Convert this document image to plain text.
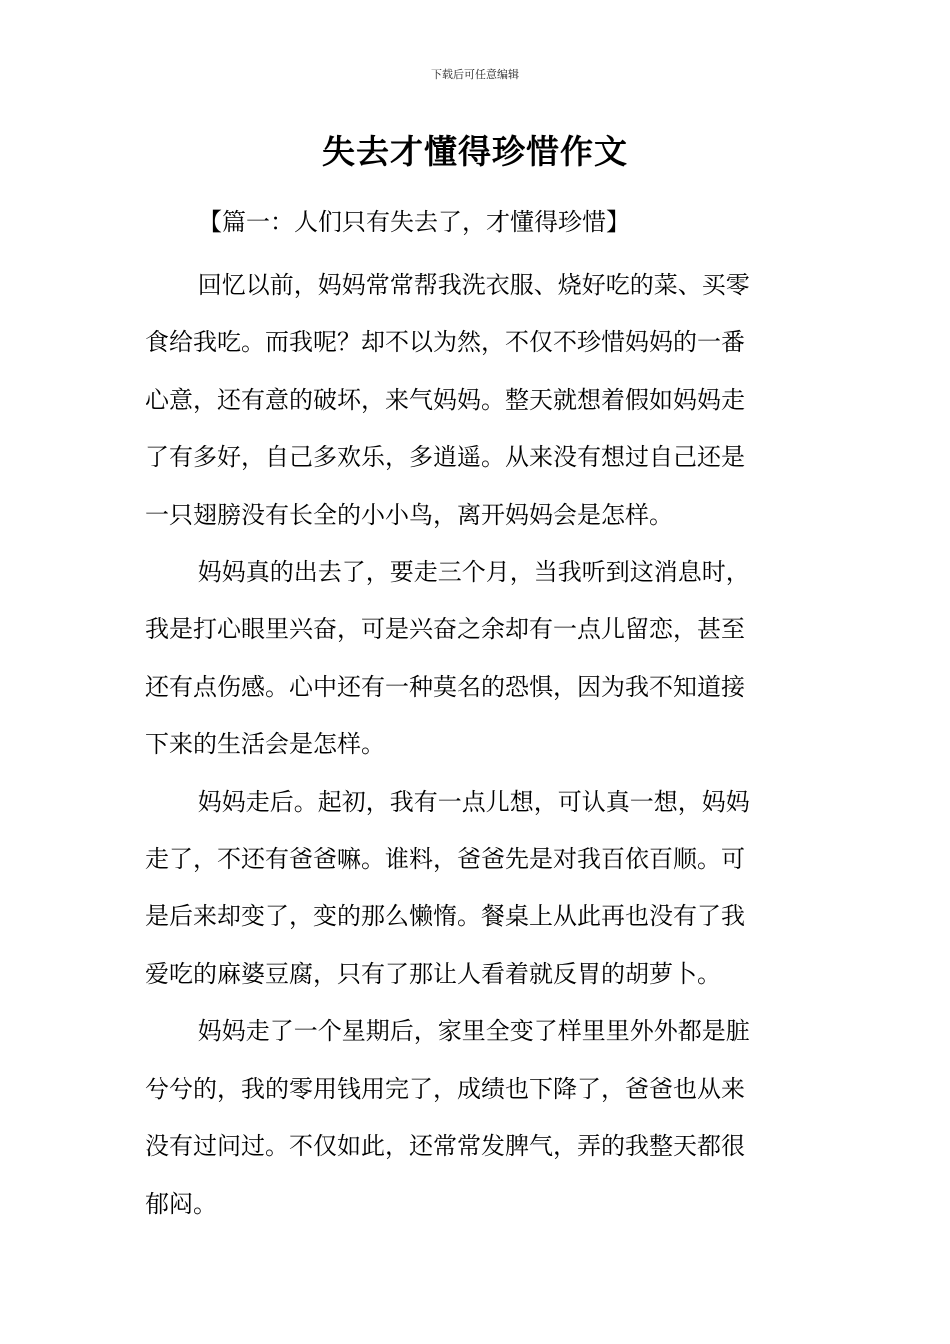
下载后可任意编辑
失去才懂得珍惜作文
【篇一：人们只有失去了，才懂得珍惜】

回忆以前，妈妈常常帮我洗衣服、烧好吃的菜、买零
食给我吃。而我呢？却不以为然，不仅不珍惜妈妈的一番
心意，还有意的破坏，来气妈妈。整天就想着假如妈妈走
了有多好，自己多欢乐，多逍遥。从来没有想过自己还是
一只翅膀没有长全的小小鸟，离开妈妈会是怎样。

妈妈真的出去了，要走三个月，当我听到这消息时，
我是打心眼里兴奋，可是兴奋之余却有一点儿留恋，甚至
还有点伤感。心中还有一种莫名的恐惧，因为我不知道接
下来的生活会是怎样。

妈妈走后。起初，我有一点儿想，可认真一想，妈妈
走了，不还有爸爸嘛。谁料，爸爸先是对我百依百顺。可
是后来却变了，变的那么懒惰。餐桌上从此再也没有了我
爱吃的麻婆豆腐，只有了那让人看着就反胃的胡萝卜。

妈妈走了一个星期后，家里全变了样里里外外都是脏
兮兮的，我的零用钱用完了，成绩也下降了，爸爸也从来
没有过问过。不仅如此，还常常发脾气，弄的我整天都很
郁闷。
